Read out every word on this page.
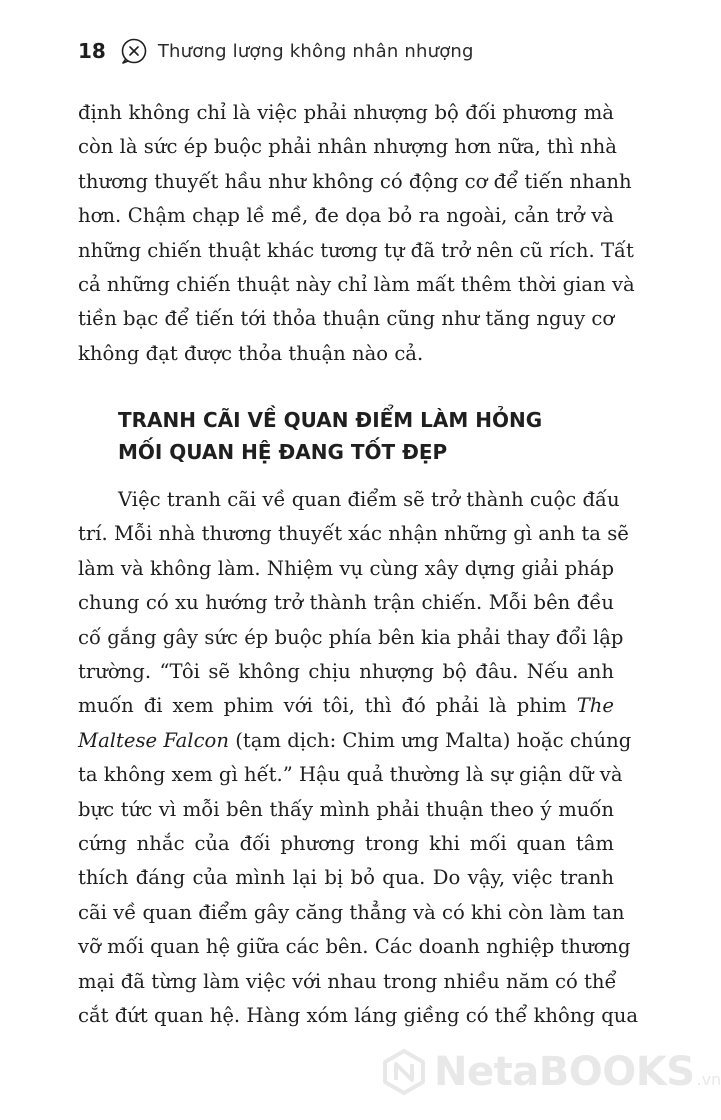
18	Thương lượng không nhân nhượng
định không chỉ là việc phải nhượng bộ đối phương mà
còn là sức ép buộc phải nhân nhượng hơn nữa, thì nhà
thương thuyết hầu như không có động cơ để tiến nhanh
hơn. Chậm chạp lề mề, đe dọa bỏ ra ngoài, cản trở và
những chiến thuật khác tương tự đã trở nên cũ rích. Tất
cả những chiến thuật này chỉ làm mất thêm thời gian và
tiền bạc để tiến tới thỏa thuận cũng như tăng nguy cơ
không đạt được thỏa thuận nào cả.
TRANH CÃI VỀ QUAN ĐIỂM LÀM HỎNG
MỐI QUAN HỆ ĐANG TỐT ĐẸP
Việc tranh cãi về quan điểm sẽ trở thành cuộc đấu
trí. Mỗi nhà thương thuyết xác nhận những gì anh ta sẽ
làm và không làm. Nhiệm vụ cùng xây dựng giải pháp
chung có xu hướng trở thành trận chiến. Mỗi bên đều
cố gắng gây sức ép buộc phía bên kia phải thay đổi lập
trường. “Tôi sẽ không chịu nhượng bộ đâu. Nếu anh
muốn đi xem phim với tôi, thì đó phải là phim The
Maltese Falcon (tạm dịch: Chim ưng Malta) hoặc chúng
ta không xem gì hết.” Hậu quả thường là sự giận dữ và
bực tức vì mỗi bên thấy mình phải thuận theo ý muốn
cứng nhắc của đối phương trong khi mối quan tâm
thích đáng của mình lại bị bỏ qua. Do vậy, việc tranh
cãi về quan điểm gây căng thẳng và có khi còn làm tan
vỡ mối quan hệ giữa các bên. Các doanh nghiệp thương
mại đã từng làm việc với nhau trong nhiều năm có thể
cắt đứt quan hệ. Hàng xóm láng giềng có thể không qua
NetaBOOKS .vn
